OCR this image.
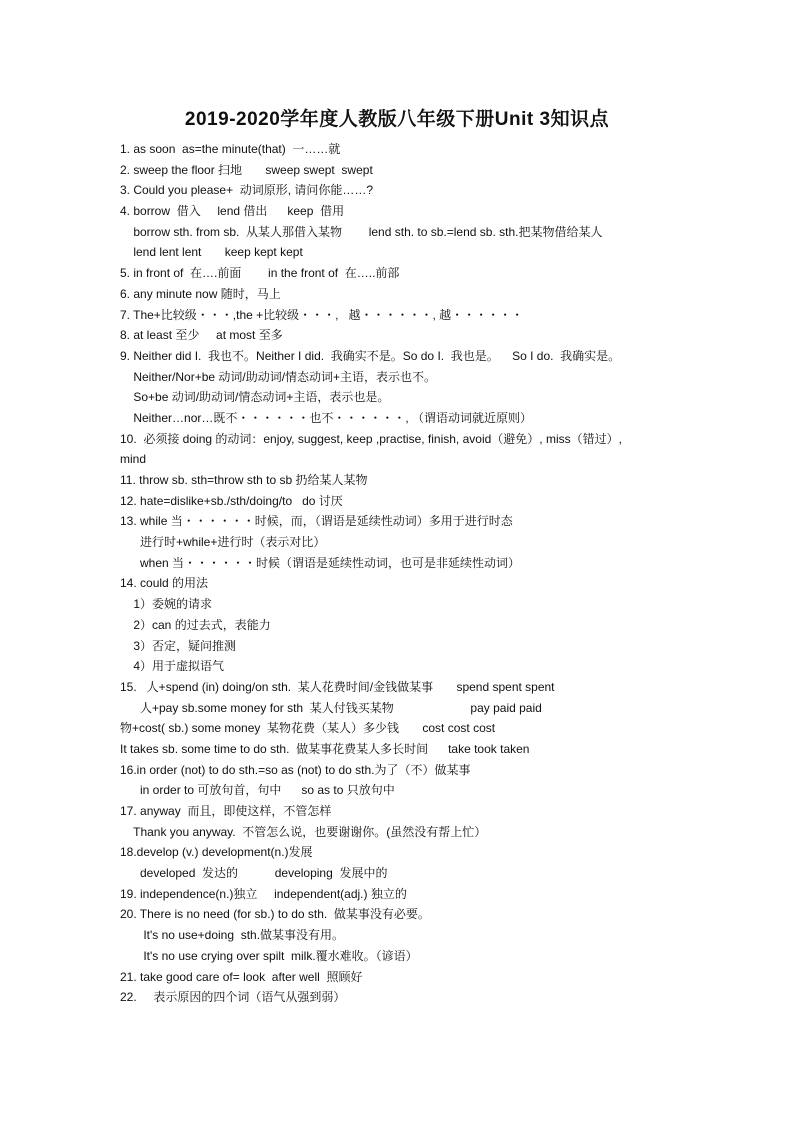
2019-2020学年度人教版八年级下册Unit 3知识点
1. as soon  as=the minute(that)  一……就
2. sweep the floor 扫地       sweep swept  swept
3. Could you please+  动词原形, 请问你能……?
4. borrow  借入     lend 借出      keep  借用
borrow sth. from sb.  从某人那借入某物        lend sth. to sb.=lend sb. sth.把某物借给某人
lend lent lent       keep kept kept
5. in front of  在….前面        in the front of  在…..前部
6. any minute now 随时，马上
7. The+比较级・・・,the +比较级・・・,   越・・・・・・, 越・・・・・・
8. at least 至少     at most 至多
9. Neither did I.  我也不。Neither I did.  我确实不是。So do I.  我也是。    So I do.  我确实是。
Neither/Nor+be 动词/助动词/情态动词+主语，表示也不。
So+be 动词/助动词/情态动词+主语，表示也是。
Neither…nor…既不・・・・・・也不・・・・・・, （谓语动词就近原则）
10.  必须接 doing 的动词：enjoy, suggest, keep ,practise, finish, avoid（避免）, miss（错过）,
mind
11. throw sb. sth=throw sth to sb 扔给某人某物
12. hate=dislike+sb./sth/doing/to   do 讨厌
13. while 当・・・・・・时候，而，（谓语是延续性动词）多用于进行时态
进行时+while+进行时（表示对比）
when 当・・・・・・时候（谓语是延续性动词，也可是非延续性动词）
14. could 的用法
1）委婉的请求
2）can 的过去式，表能力
3）否定，疑问推测
4）用于虚拟语气
15.   人+spend (in) doing/on sth.  某人花费时间/金钱做某事       spend spent spent
人+pay sb.some money for sth  某人付钱买某物                       pay paid paid
物+cost( sb.) some money  某物花费（某人）多少钱       cost cost cost
It takes sb. some time to do sth.  做某事花费某人多长时间      take took taken
16.in order (not) to do sth.=so as (not) to do sth.为了（不）做某事
in order to 可放句首，句中      so as to 只放句中
17. anyway  而且，即使这样，不管怎样
Thank you anyway.  不管怎么说，也要谢谢你。(虽然没有帮上忙）
18.develop (v.) development(n.)发展
developed  发达的           developing  发展中的
19. independence(n.)独立     independent(adj.) 独立的
20. There is no need (for sb.) to do sth.  做某事没有必要。
It's no use+doing  sth.做某事没有用。
It's no use crying over spilt  milk.覆水难收。（谚语）
21. take good care of= look  after well  照顾好
22.     表示原因的四个词（语气从强到弱）
